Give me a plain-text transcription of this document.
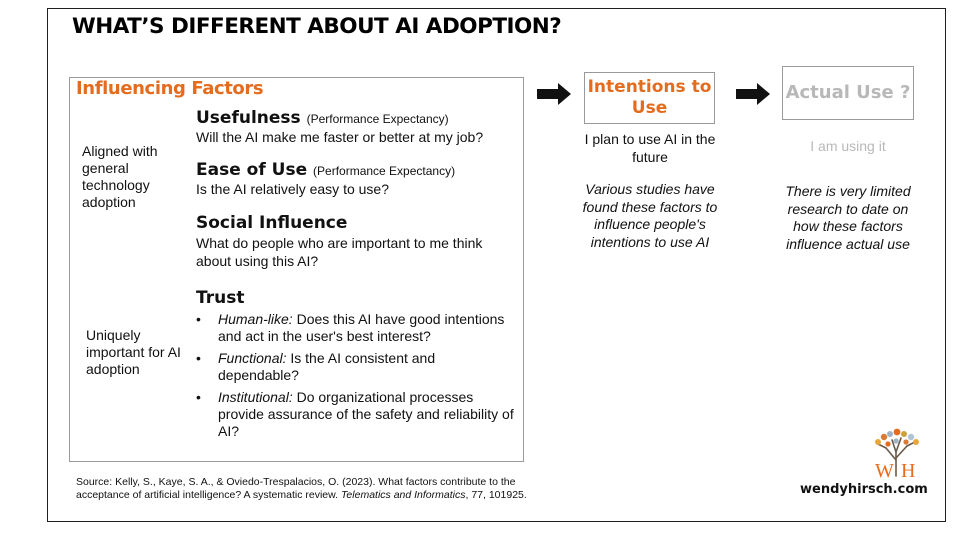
WHAT’S DIFFERENT ABOUT AI ADOPTION?
Influencing Factors
Aligned with general technology adoption
Uniquely important for AI adoption
Usefulness (Performance Expectancy)
Will the AI make me faster or better at my job?
Ease of Use (Performance Expectancy)
Is the AI relatively easy to use?
Social Influence
What do people who are important to me think about using this AI?
Trust
• Human-like: Does this AI have good intentions and act in the user's best interest?
• Functional: Is the AI consistent and dependable?
• Institutional: Do organizational processes provide assurance of the safety and reliability of AI?
Intentions to Use
I plan to use AI in the future
Various studies have found these factors to influence people's intentions to use AI
Actual Use ?
I am using it
There is very limited research to date on how these factors influence actual use
Source: Kelly, S., Kaye, S. A., & Oviedo-Trespalacios, O. (2023). What factors contribute to the acceptance of artificial intelligence? A systematic review. Telematics and Informatics, 77, 101925.
W H
wendyhirsch.com
